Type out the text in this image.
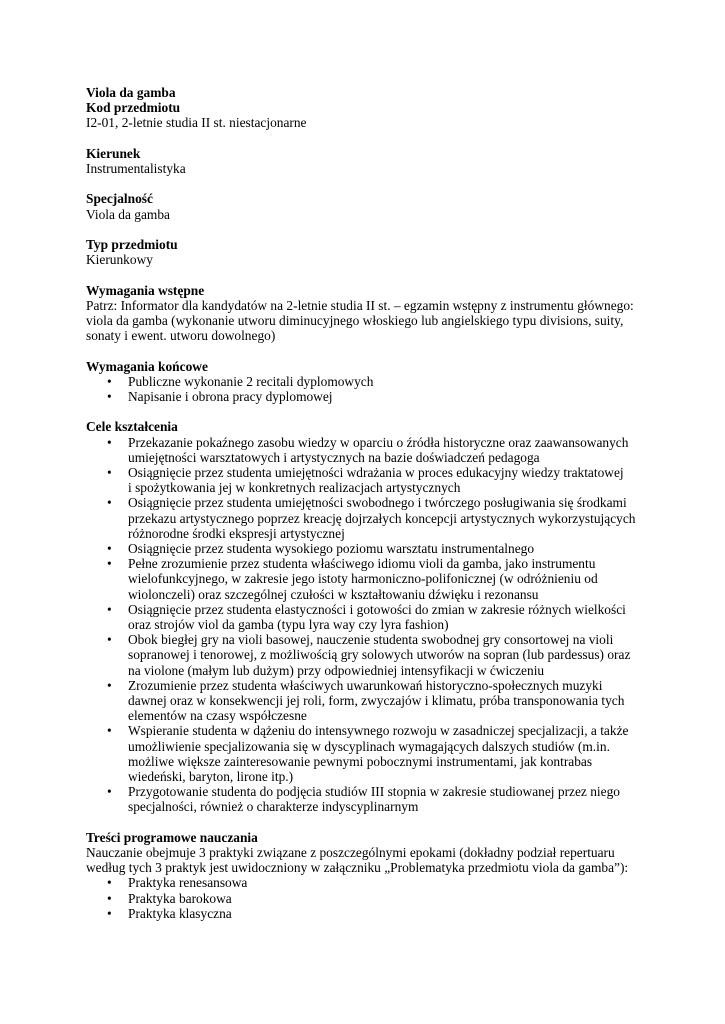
Viola da gamba
Kod przedmiotu
I2-01, 2-letnie studia II st. niestacjonarne
Kierunek
Instrumentalistyka
Specjalność
Viola da gamba
Typ przedmiotu
Kierunkowy
Wymagania wstępne
Patrz: Informator dla kandydatów na 2-letnie studia II st. – egzamin wstępny z instrumentu głównego:
viola da gamba (wykonanie utworu diminucyjnego włoskiego lub angielskiego typu divisions, suity,
sonaty i ewent. utworu dowolnego)
Wymagania końcowe
• Publiczne wykonanie 2 recitali dyplomowych
• Napisanie i obrona pracy dyplomowej
Cele kształcenia
• Przekazanie pokaźnego zasobu wiedzy w oparciu o źródła historyczne oraz zaawansowanych
umiejętności warsztatowych i artystycznych na bazie doświadczeń pedagoga
• Osiągnięcie przez studenta umiejętności wdrażania w proces edukacyjny wiedzy traktatowej
i spożytkowania jej w konkretnych realizacjach artystycznych
• Osiągnięcie przez studenta umiejętności swobodnego i twórczego posługiwania się środkami
przekazu artystycznego poprzez kreację dojrzałych koncepcji artystycznych wykorzystujących
różnorodne środki ekspresji artystycznej
• Osiągnięcie przez studenta wysokiego poziomu warsztatu instrumentalnego
• Pełne zrozumienie przez studenta właściwego idiomu violi da gamba, jako instrumentu
wielofunkcyjnego, w zakresie jego istoty harmoniczno-polifonicznej (w odróżnieniu od
wiolonczeli) oraz szczególnej czułości w kształtowaniu dźwięku i rezonansu
• Osiągnięcie przez studenta elastyczności i gotowości do zmian w zakresie różnych wielkości
oraz strojów viol da gamba (typu lyra way czy lyra fashion)
• Obok biegłej gry na violi basowej, nauczenie studenta swobodnej gry consortowej na violi
sopranowej i tenorowej, z możliwością gry solowych utworów na sopran (lub pardessus) oraz
na violone (małym lub dużym) przy odpowiedniej intensyfikacji w ćwiczeniu
• Zrozumienie przez studenta właściwych uwarunkowań historyczno-społecznych muzyki
dawnej oraz w konsekwencji jej roli, form, zwyczajów i klimatu, próba transponowania tych
elementów na czasy współczesne
• Wspieranie studenta w dążeniu do intensywnego rozwoju w zasadniczej specjalizacji, a także
umożliwienie specjalizowania się w dyscyplinach wymagających dalszych studiów (m.in.
możliwe większe zainteresowanie pewnymi pobocznymi instrumentami, jak kontrabas
wiedeński, baryton, lirone itp.)
• Przygotowanie studenta do podjęcia studiów III stopnia w zakresie studiowanej przez niego
specjalności, również o charakterze indyscyplinarnym
Treści programowe nauczania
Nauczanie obejmuje 3 praktyki związane z poszczególnymi epokami (dokładny podział repertuaru
według tych 3 praktyk jest uwidoczniony w załączniku „Problematyka przedmiotu viola da gamba”):
• Praktyka renesansowa
• Praktyka barokowa
• Praktyka klasyczna
